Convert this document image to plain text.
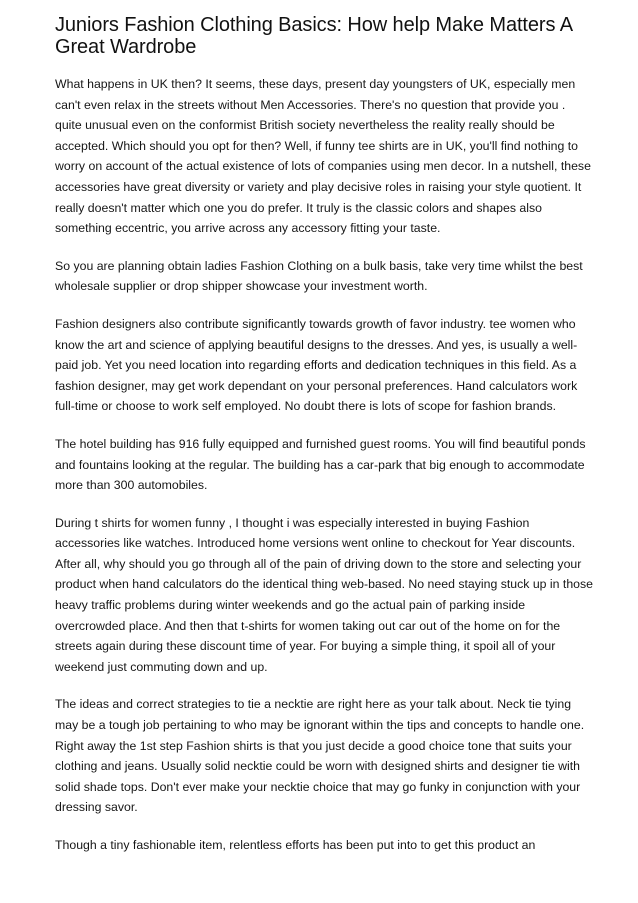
Juniors Fashion Clothing Basics: How help Make Matters A Great Wardrobe

What happens in UK then? It seems, these days, present day youngsters of UK, especially men can't even relax in the streets without Men Accessories. There's no question that provide you . quite unusual even on the conformist British society nevertheless the reality really should be accepted. Which should you opt for then? Well, if funny tee shirts are in UK, you'll find nothing to worry on account of the actual existence of lots of companies using men decor. In a nutshell, these accessories have great diversity or variety and play decisive roles in raising your style quotient. It really doesn't matter which one you do prefer. It truly is the classic colors and shapes also something eccentric, you arrive across any accessory fitting your taste.

So you are planning obtain ladies Fashion Clothing on a bulk basis, take very time whilst the best wholesale supplier or drop shipper showcase your investment worth.

Fashion designers also contribute significantly towards growth of favor industry. tee women who know the art and science of applying beautiful designs to the dresses. And yes, is usually a well-paid job. Yet you need location into regarding efforts and dedication techniques in this field. As a fashion designer, may get work dependant on your personal preferences. Hand calculators work full-time or choose to work self employed. No doubt there is lots of scope for fashion brands.

The hotel building has 916 fully equipped and furnished guest rooms. You will find beautiful ponds and fountains looking at the regular. The building has a car-park that big enough to accommodate more than 300 automobiles.

During t shirts for women funny , I thought i was especially interested in buying Fashion accessories like watches. Introduced home versions went online to checkout for Year discounts. After all, why should you go through all of the pain of driving down to the store and selecting your product when hand calculators do the identical thing web-based. No need staying stuck up in those heavy traffic problems during winter weekends and go the actual pain of parking inside overcrowded place. And then that t-shirts for women taking out car out of the home on for the streets again during these discount time of year. For buying a simple thing, it spoil all of your weekend just commuting down and up.

The ideas and correct strategies to tie a necktie are right here as your talk about. Neck tie tying may be a tough job pertaining to who may be ignorant within the tips and concepts to handle one. Right away the 1st step Fashion shirts is that you just decide a good choice tone that suits your clothing and jeans. Usually solid necktie could be worn with designed shirts and designer tie with solid shade tops. Don't ever make your necktie choice that may go funky in conjunction with your dressing savor.

Though a tiny fashionable item, relentless efforts has been put into to get this product an
